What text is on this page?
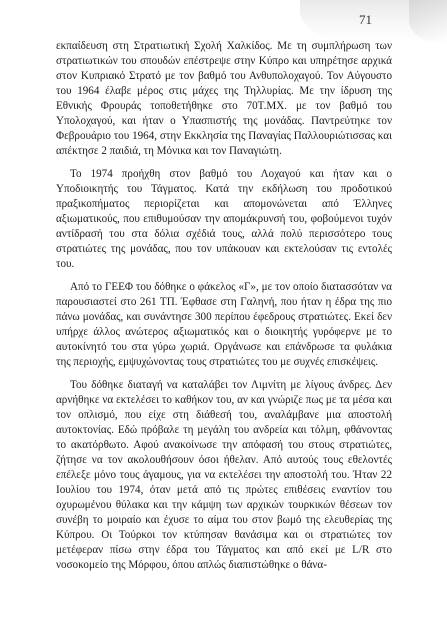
71

εκπαίδευση στη Στρατιωτική Σχολή Χαλκίδος. Με τη συμπλήρωση των στρατιωτικών του σπουδών επέστρεψε στην Κύπρο και υπηρέτησε αρχικά στον Κυπριακό Στρατό με τον βαθμό του Ανθυπολοχαγού. Τον Αύγουστο του 1964 έλαβε μέρος στις μάχες της Τηλλυρίας. Με την ίδρυση της Εθνικής Φρουράς τοποθετήθηκε στο 70Τ.ΜΧ. με τον βαθμό του Υπολοχαγού, και ήταν ο Υπασπιστής της μονάδας. Παντρεύτηκε τον Φεβρουάριο του 1964, στην Εκκλησία της Παναγίας Παλλουριώτισσας και απέκτησε 2 παιδιά, τη Μόνικα και τον Παναγιώτη.

Το 1974 προήχθη στον βαθμό του Λοχαγού και ήταν και ο Υποδιοικητής του Τάγματος. Κατά την εκδήλωση του προδοτικού πραξικοπήματος περιορίζεται και απομονώνεται από Έλληνες αξιωματικούς, που επιθυμούσαν την απομάκρυνσή του, φοβούμενοι τυχόν αντίδρασή του στα δόλια σχέδιά τους, αλλά πολύ περισσότερο τους στρατιώτες της μονάδας, που τον υπάκουαν και εκτελούσαν τις εντολές του.

Από το ΓΕΕΦ του δόθηκε ο φάκελος «Γ», με τον οποίο διατασσόταν να παρουσιαστεί στο 261 ΤΠ. Έφθασε στη Γαληνή, που ήταν η έδρα της πιο πάνω μονάδας, και συνάντησε 300 περίπου έφεδρους στρατιώτες. Εκεί δεν υπήρχε άλλος ανώτερος αξιωματικός και ο διοικητής γυρόφερνε με το αυτοκίνητό του στα γύρω χωριά. Οργάνωσε και επάνδρωσε τα φυλάκια της περιοχής, εμψυχώνοντας τους στρατιώτες του με συχνές επισκέψεις.

Του δόθηκε διαταγή να καταλάβει τον Λιμνίτη με λίγους άνδρες. Δεν αρνήθηκε να εκτελέσει το καθήκον του, αν και γνώριζε πως με τα μέσα και τον οπλισμό, που είχε στη διάθεσή του, αναλάμβανε μια αποστολή αυτοκτονίας. Εδώ πρόβαλε τη μεγάλη του ανδρεία και τόλμη, φθάνοντας το ακατόρθωτο. Αφού ανακοίνωσε την απόφασή του στους στρατιώτες, ζήτησε να τον ακολουθήσουν όσοι ήθελαν. Από αυτούς τους εθελοντές επέλεξε μόνο τους άγαμους, για να εκτελέσει την αποστολή του. Ήταν 22 Ιουλίου του 1974, όταν μετά από τις πρώτες επιθέσεις εναντίον του οχυρωμένου θύλακα και την κάμψη των αρχικών τουρκικών θέσεων τον συνέβη το μοιραίο και έχυσε το αίμα του στον βωμό της ελευθερίας της Κύπρου. Οι Τούρκοι τον κτύπησαν θανάσιμα και οι στρατιώτες τον μετέφεραν πίσω στην έδρα του Τάγματος και από εκεί με L/R στο νοσοκομείο της Μόρφου, όπου απλώς διαπιστώθηκε ο θάνα-
